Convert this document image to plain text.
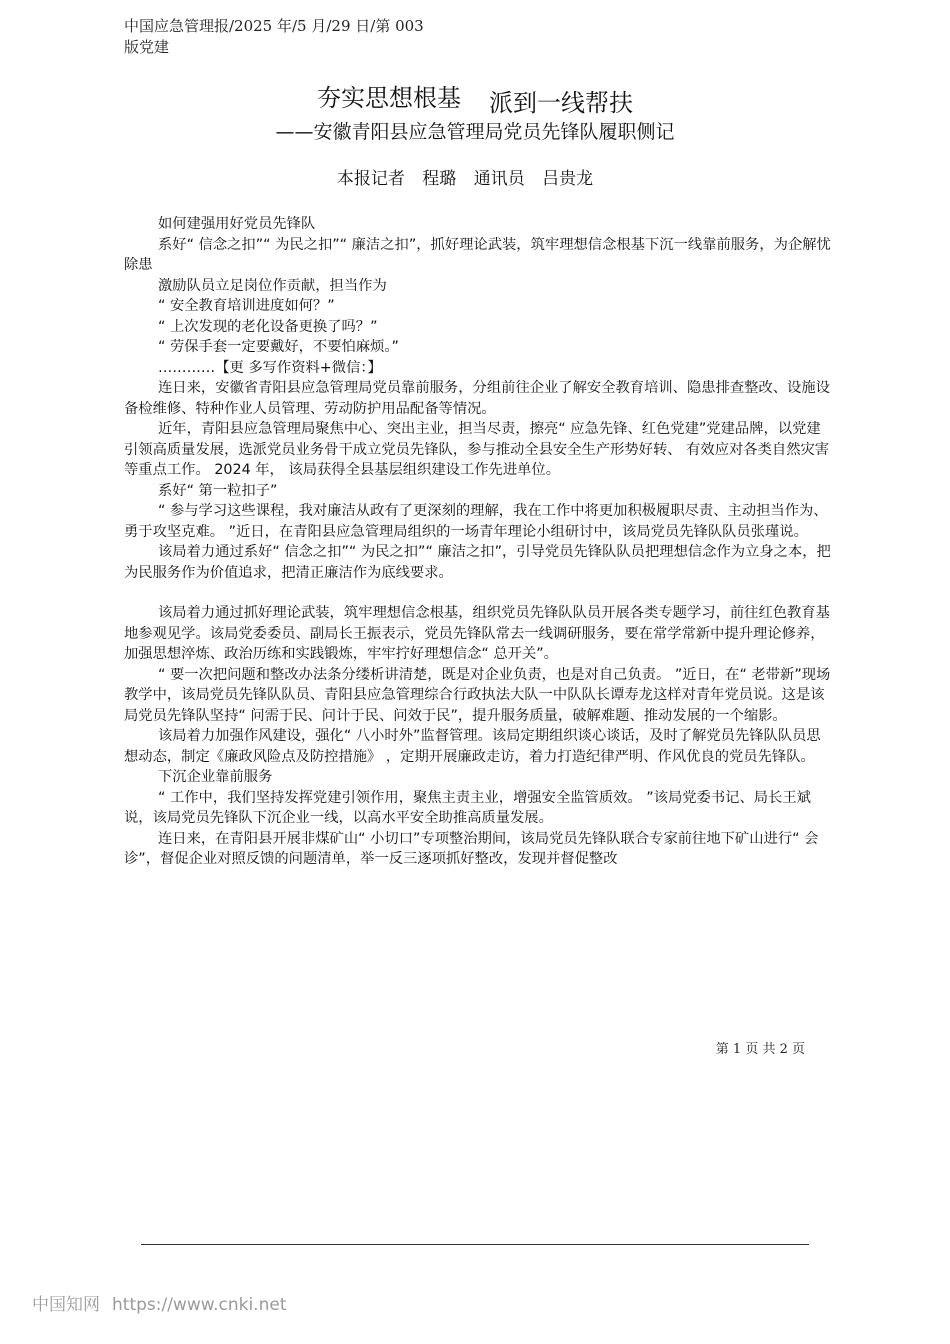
中国应急管理报/2025 年/5 月/29 日/第 003
版党建
夯实思想根基 派到一线帮扶
——安徽青阳县应急管理局党员先锋队履职侧记
本报记者 程璐 通讯员 吕贵龙

如何建强用好党员先锋队

系好“ 信念之扣”“ 为民之扣”“ 廉洁之扣”，抓好理论武装，筑牢理想信念根基下沉一线靠前服务，为企解忧除患

激励队员立足岗位作贡献，担当作为

“ 安全教育培训进度如何？”

“ 上次发现的老化设备更换了吗？”

“ 劳保手套一定要戴好，不要怕麻烦。”

…………【更 多写作资料+微信：】

连日来，安徽省青阳县应急管理局党员靠前服务，分组前往企业了解安全教育培训、隐患排查整改、设施设备检维修、特种作业人员管理、劳动防护用品配备等情况。

近年，青阳县应急管理局聚焦中心、突出主业，担当尽责，擦亮“ 应急先锋、红色党建”党建品牌，以党建引领高质量发展，选派党员业务骨干成立党员先锋队，参与推动全县安全生产形势好转、 有效应对各类自然灾害等重点工作。 2024 年， 该局获得全县基层组织建设工作先进单位。

系好“ 第一粒扣子”

“ 参与学习这些课程，我对廉洁从政有了更深刻的理解，我在工作中将更加积极履职尽责、主动担当作为、勇于攻坚克难。 ”近日，在青阳县应急管理局组织的一场青年理论小组研讨中，该局党员先锋队队员张瑾说。

该局着力通过系好“ 信念之扣”“ 为民之扣”“ 廉洁之扣”，引导党员先锋队队员把理想信念作为立身之本，把为民服务作为价值追求，把清正廉洁作为底线要求。

该局着力通过抓好理论武装，筑牢理想信念根基，组织党员先锋队队员开展各类专题学习，前往红色教育基地参观见学。该局党委委员、副局长王振表示，党员先锋队常去一线调研服务，要在常学常新中提升理论修养，加强思想淬炼、政治历练和实践锻炼，牢牢拧好理想信念“ 总开关”。

“ 要一次把问题和整改办法条分缕析讲清楚，既是对企业负责，也是对自己负责。 ”近日，在“ 老带新”现场教学中，该局党员先锋队队员、青阳县应急管理综合行政执法大队一中队队长谭寿龙这样对青年党员说。这是该局党员先锋队坚持“ 问需于民、问计于民、问效于民”，提升服务质量，破解难题、推动发展的一个缩影。

该局着力加强作风建设，强化“ 八小时外”监督管理。该局定期组织谈心谈话，及时了解党员先锋队队员思想动态，制定《廉政风险点及防控措施》 ，定期开展廉政走访，着力打造纪律严明、作风优良的党员先锋队。

下沉企业靠前服务

“ 工作中，我们坚持发挥党建引领作用，聚焦主责主业，增强安全监管质效。 ”该局党委书记、局长王斌说，该局党员先锋队下沉企业一线，以高水平安全助推高质量发展。

连日来，在青阳县开展非煤矿山“ 小切口”专项整治期间，该局党员先锋队联合专家前往地下矿山进行“ 会诊”，督促企业对照反馈的问题清单，举一反三逐项抓好整改，发现并督促整改

第 1 页 共 2 页
中国知网 https://www.cnki.net
